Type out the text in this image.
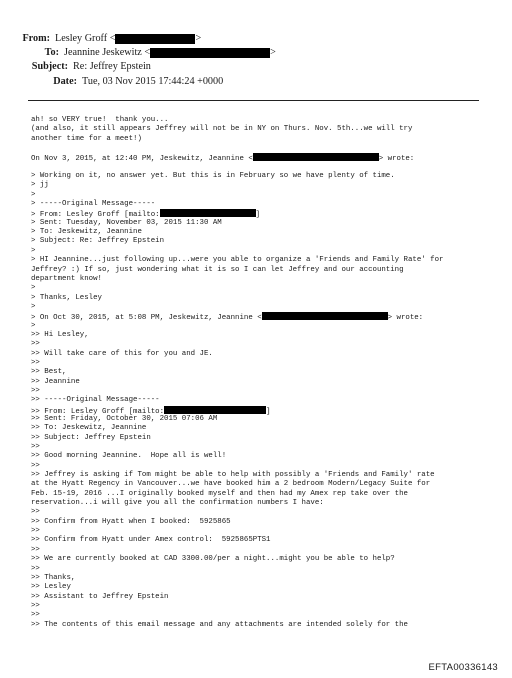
From: Lesley Groff <	>
To: Jeannine Jeskewitz <	>
Subject: Re: Jeffrey Epstein
Date: Tue, 03 Nov 2015 17:44:24 +0000
ah! so VERY true!  thank you...
(and also, it still appears Jeffrey will not be in NY on Thurs. Nov. 5th...we will try
another time for a meet!)
On Nov 3, 2015, at 12:40 PM, Jeskewitz, Jeannine <	> wrote:
> Working on it, no answer yet. But this is in February so we have plenty of time.
> jj
>
> -----Original Message-----
> From: Lesley Groff [mailto:	]
> Sent: Tuesday, November 03, 2015 11:30 AM
> To: Jeskewitz, Jeannine
> Subject: Re: Jeffrey Epstein
>
> HI Jeannine...just following up...were you able to organize a 'Friends and Family Rate' for
Jeffrey? :) If so, just wondering what it is so I can let Jeffrey and our accounting
department know!
>
> Thanks, Lesley
>
> On Oct 30, 2015, at 5:08 PM, Jeskewitz, Jeannine <	> wrote:
>
>> Hi Lesley,
>>
>> Will take care of this for you and JE.
>>
>> Best,
>> Jeannine
>>
>> -----Original Message-----
>> From: Lesley Groff [mailto:	]
>> Sent: Friday, October 30, 2015 07:06 AM
>> To: Jeskewitz, Jeannine
>> Subject: Jeffrey Epstein
>>
>> Good morning Jeannine.  Hope all is well!
>>
>> Jeffrey is asking if Tom might be able to help with possibly a 'Friends and Family' rate
at the Hyatt Regency in Vancouver...we have booked him a 2 bedroom Modern/Legacy Suite for
Feb. 15-19, 2016 ...I originally booked myself and then had my Amex rep take over the
reservation...i will give you all the confirmation numbers I have:
>>
>> Confirm from Hyatt when I booked:  5925865
>>
>> Confirm from Hyatt under Amex control:  5925865PTS1
>>
>> We are currently booked at CAD 3300.00/per a night...might you be able to help?
>>
>> Thanks,
>> Lesley
>> Assistant to Jeffrey Epstein
>>
>>
>> The contents of this email message and any attachments are intended solely for the
EFTA00336143
